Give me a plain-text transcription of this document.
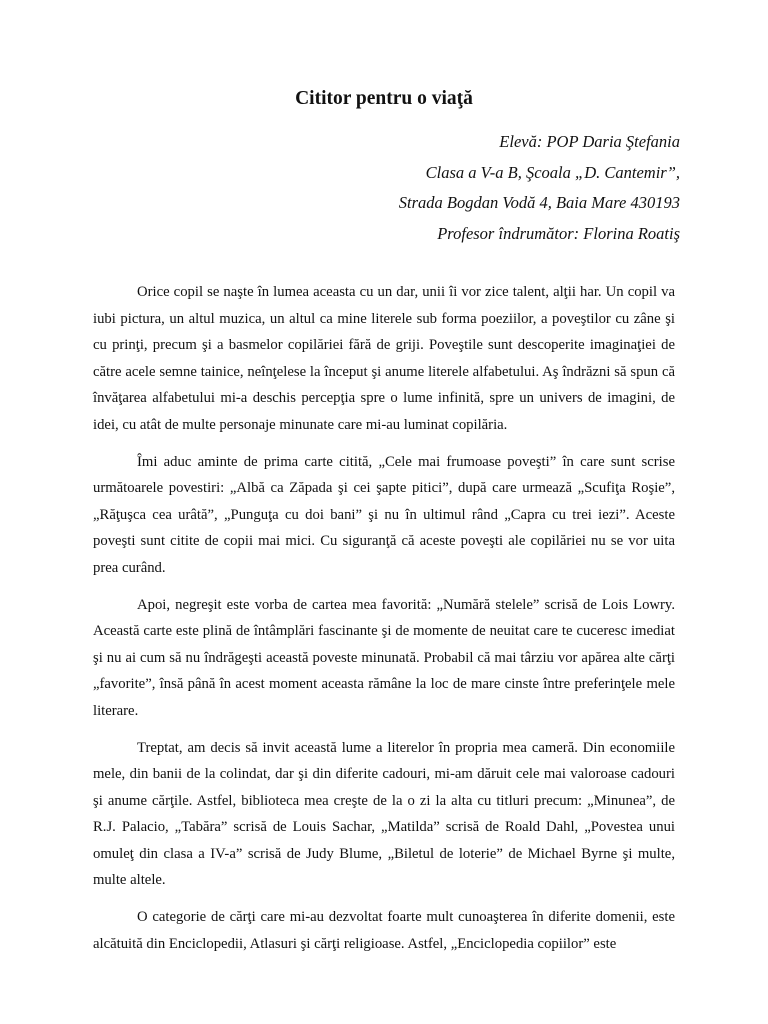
Cititor pentru o viaţă
Elevă: POP Daria Ştefania
Clasa a V-a B, Şcoala „D. Cantemir”,
Strada Bogdan Vodă 4, Baia Mare 430193
Profesor îndrumător: Florina Roatiş

Orice copil se naşte în lumea aceasta cu un dar, unii îi vor zice talent, alţii har. Un copil va iubi pictura, un altul muzica, un altul ca mine literele sub forma poeziilor, a poveştilor cu zâne şi cu prinţi, precum şi a basmelor copilăriei fără de griji. Poveştile sunt descoperite imaginaţiei de către acele semne tainice, neînţelese la început şi anume literele alfabetului. Aş îndrăzni să spun că învăţarea alfabetului mi-a deschis percepţia spre o lume infinită, spre un univers de imagini, de idei, cu atât de multe personaje minunate care mi-au luminat copilăria.

Îmi aduc aminte de prima carte citită, „Cele mai frumoase poveşti” în care sunt scrise următoarele povestiri: „Albă ca Zăpada şi cei şapte pitici”, după care urmează „Scufiţa Roşie”, „Răţuşca cea urâtă”, „Punguţa cu doi bani” şi nu în ultimul rând „Capra cu trei iezi”. Aceste poveşti sunt citite de copii mai mici. Cu siguranţă că aceste poveşti ale copilăriei nu se vor uita prea curând.

Apoi, negreşit este vorba de cartea mea favorită: „Numără stelele” scrisă de Lois Lowry. Această carte este plină de întâmplări fascinante şi de momente de neuitat care te cuceresc imediat şi nu ai cum să nu îndrăgeşti această poveste minunată. Probabil că mai târziu vor apărea alte cărţi „favorite”, însă până în acest moment aceasta rămâne la loc de mare cinste între preferinţele mele literare.

Treptat, am decis să invit această lume a literelor în propria mea cameră. Din economiile mele, din banii de la colindat, dar şi din diferite cadouri, mi-am dăruit cele mai valoroase cadouri şi anume cărţile. Astfel, biblioteca mea creşte de la o zi la alta cu titluri precum: „Minunea”, de R.J. Palacio, „Tabăra” scrisă de Louis Sachar, „Matilda” scrisă de Roald Dahl, „Povestea unui omuleţ din clasa a IV-a” scrisă de Judy Blume, „Biletul de loterie” de Michael Byrne şi multe, multe altele.

O categorie de cărţi care mi-au dezvoltat foarte mult cunoaşterea în diferite domenii, este alcătuită din Enciclopedii, Atlasuri şi cărţi religioase. Astfel, „Enciclopedia copiilor” este
